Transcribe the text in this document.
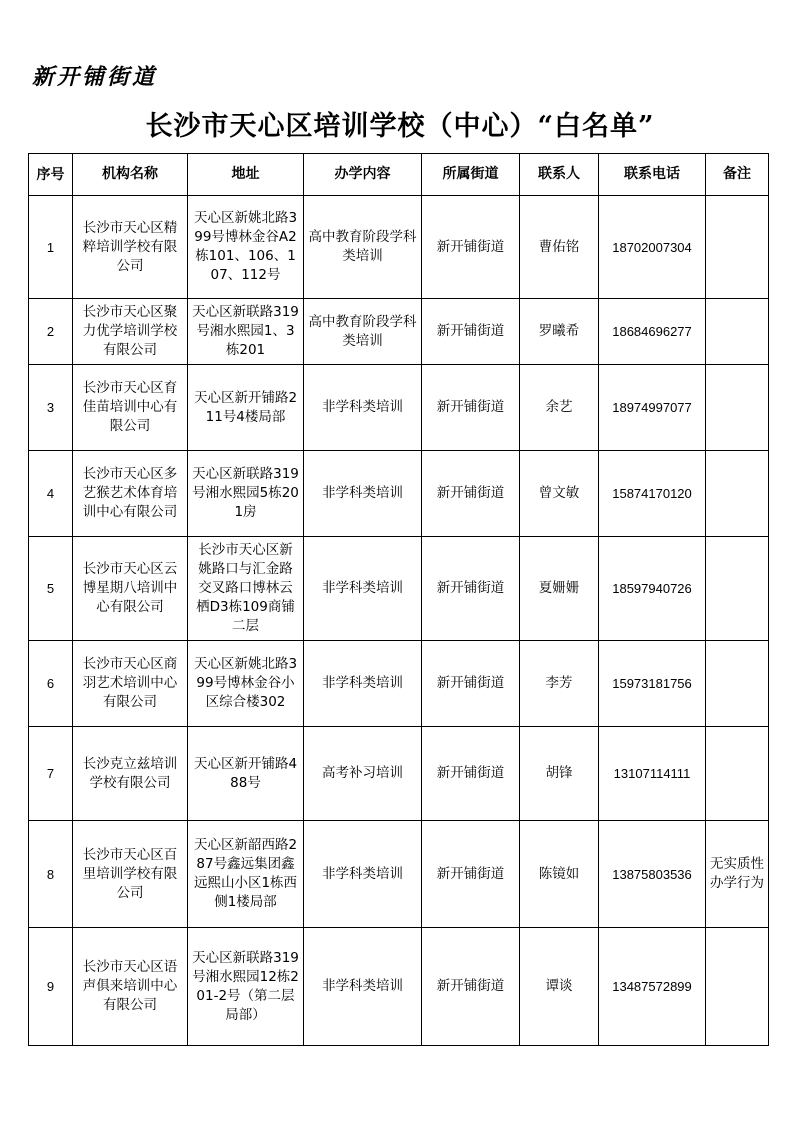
新开铺街道
长沙市天心区培训学校（中心）“白名单”
序号	机构名称	地址	办学内容	所属街道	联系人	联系电话	备注
1	长沙市天心区精粹培训学校有限公司	天心区新姚北路399号博林金谷A2栋101、106、107、112号	高中教育阶段学科类培训	新开铺街道	曹佑铭	18702007304	
2	长沙市天心区聚力优学培训学校有限公司	天心区新联路319号湘水熙园1、3栋201	高中教育阶段学科类培训	新开铺街道	罗曦希	18684696277	
3	长沙市天心区育佳苗培训中心有限公司	天心区新开铺路211号4楼局部	非学科类培训	新开铺街道	余艺	18974997077	
4	长沙市天心区多艺猴艺术体育培训中心有限公司	天心区新联路319号湘水熙园5栋201房	非学科类培训	新开铺街道	曾文敏	15874170120	
5	长沙市天心区云博星期八培训中心有限公司	长沙市天心区新姚路口与汇金路交叉路口博林云栖D3栋109商铺二层	非学科类培训	新开铺街道	夏姗姗	18597940726	
6	长沙市天心区商羽艺术培训中心有限公司	天心区新姚北路399号博林金谷小区综合楼302	非学科类培训	新开铺街道	李芳	15973181756	
7	长沙克立兹培训学校有限公司	天心区新开铺路488号	高考补习培训	新开铺街道	胡锋	13107114111	
8	长沙市天心区百里培训学校有限公司	天心区新韶西路287号鑫远集团鑫远熙山小区1栋西侧1楼局部	非学科类培训	新开铺街道	陈镜如	13875803536	无实质性办学行为
9	长沙市天心区语声俱来培训中心有限公司	天心区新联路319号湘水熙园12栋201-2号（第二层局部）	非学科类培训	新开铺街道	谭谈	13487572899	
